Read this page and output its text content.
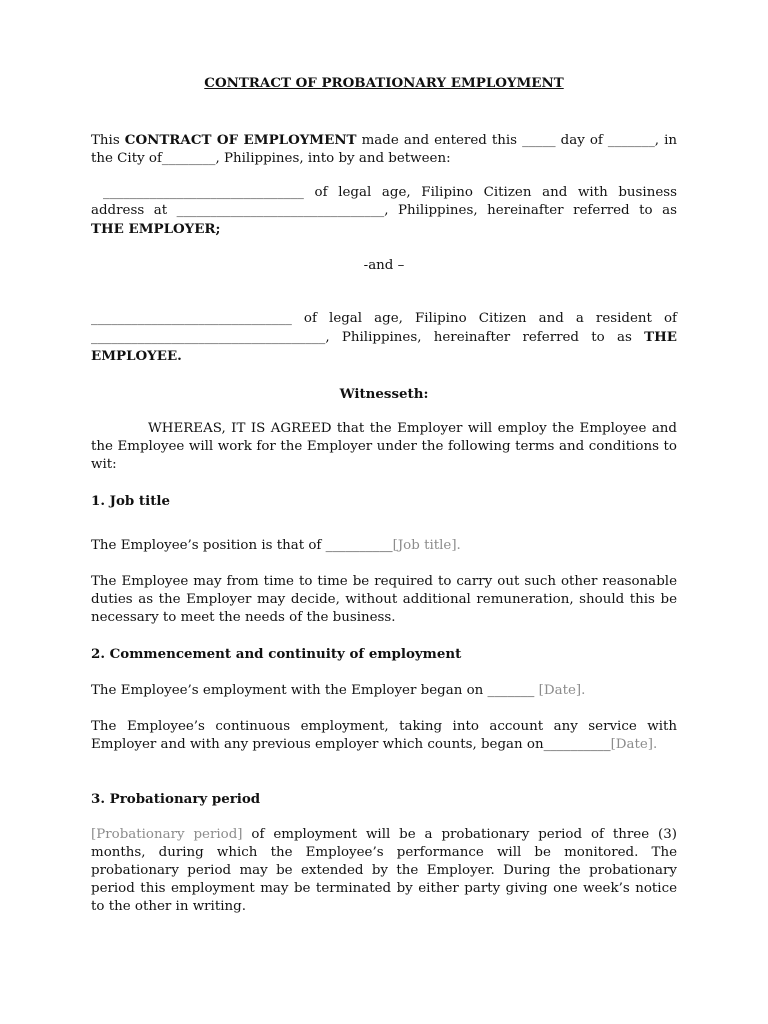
CONTRACT OF PROBATIONARY EMPLOYMENT
This CONTRACT OF EMPLOYMENT made and entered this _____ day of _______, in the City of________, Philippines, into by and between:
______________________________ of legal age, Filipino Citizen and with business address at _______________________________, Philippines, hereinafter referred to as THE EMPLOYER;
-and –
______________________________ of legal age, Filipino Citizen and a resident of ___________________________________, Philippines, hereinafter referred to as THE EMPLOYEE.
Witnesseth:
WHEREAS, IT IS AGREED that the Employer will employ the Employee and the Employee will work for the Employer under the following terms and conditions to wit:
1. Job title
The Employee’s position is that of __________[Job title].
The Employee may from time to time be required to carry out such other reasonable duties as the Employer may decide, without additional remuneration, should this be necessary to meet the needs of the business.
2. Commencement and continuity of employment
The Employee’s employment with the Employer began on _______ [Date].
The Employee’s continuous employment, taking into account any service with Employer and with any previous employer which counts, began on__________[Date].
3. Probationary period
[Probationary period] of employment will be a probationary period of three (3) months, during which the Employee’s performance will be monitored. The probationary period may be extended by the Employer. During the probationary period this employment may be terminated by either party giving one week’s notice to the other in writing.
